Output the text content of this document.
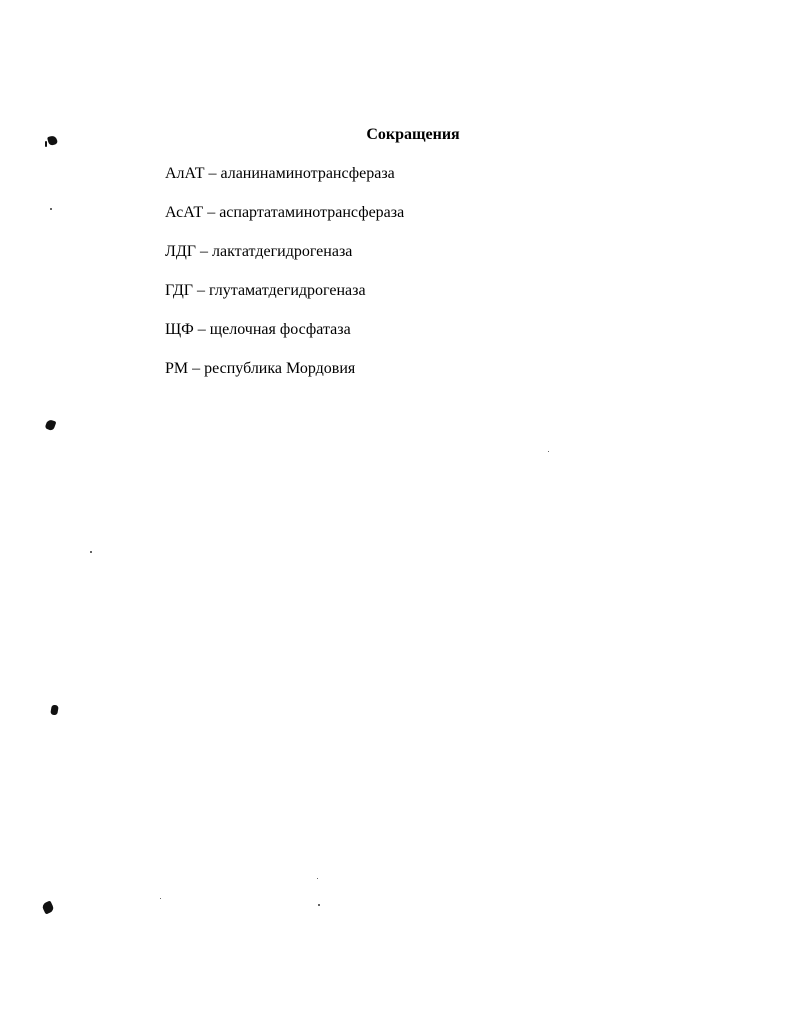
Сокращения
АлАТ – аланинаминотрансфераза
АсАТ – аспартатаминотрансфераза
ЛДГ – лактатдегидрогеназа
ГДГ – глутаматдегидрогеназа
ЩФ – щелочная фосфатаза
РМ – республика Мордовия
